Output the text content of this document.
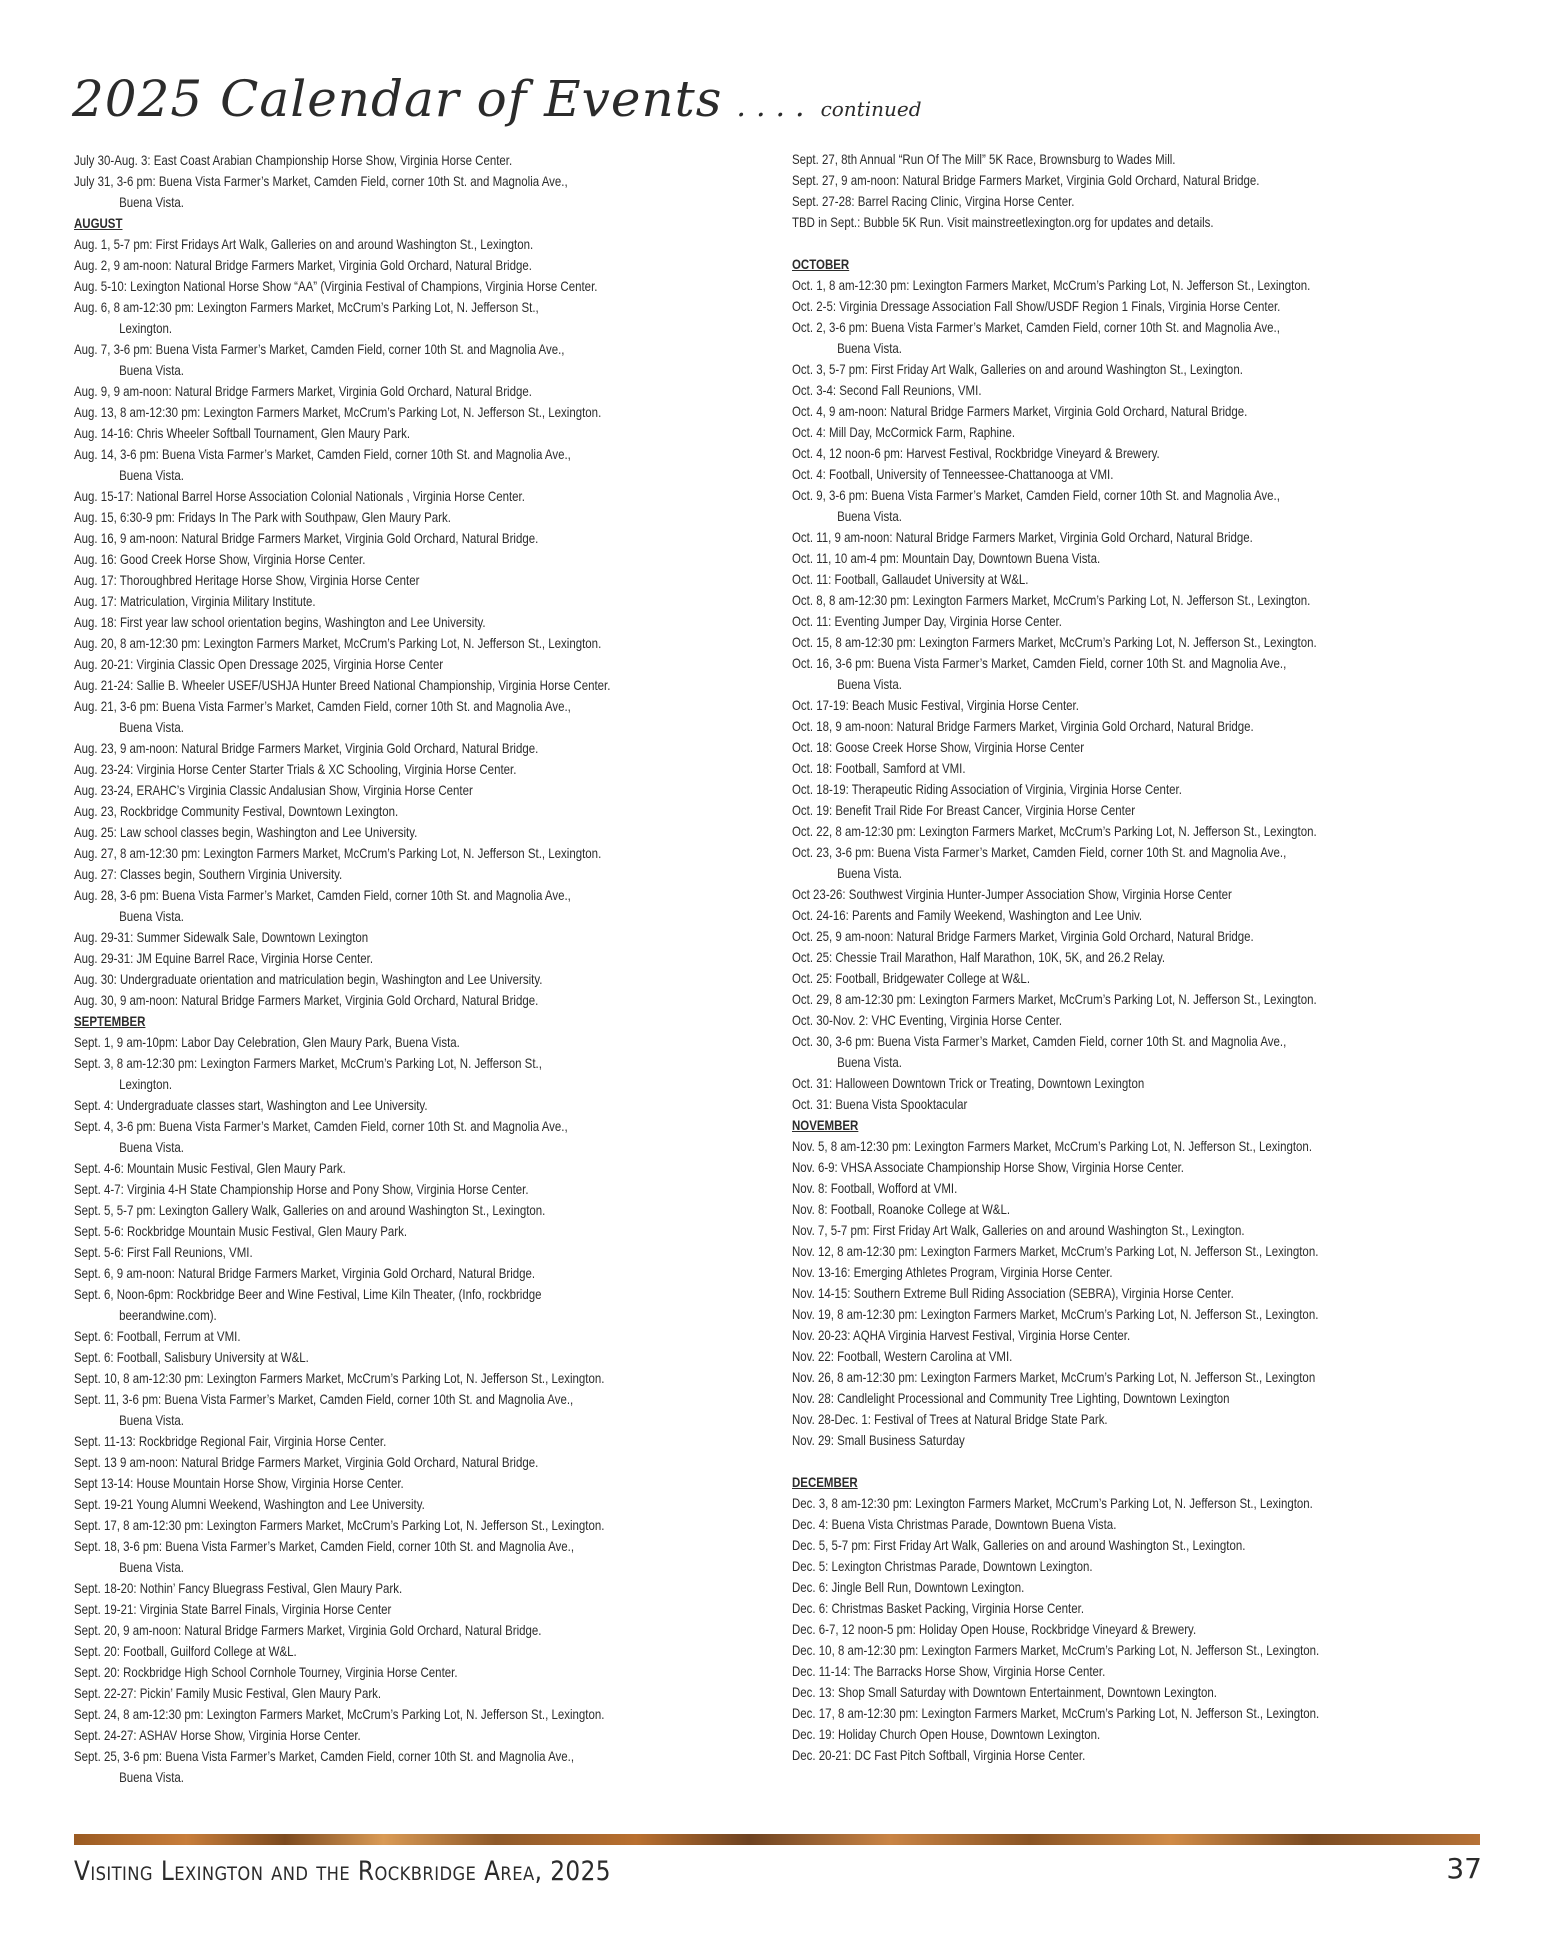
2025 Calendar of Events .... continued
July 30-Aug. 3: East Coast Arabian Championship Horse Show, Virginia Horse Center.
July 31, 3-6 pm: Buena Vista Farmer’s Market, Camden Field, corner 10th St. and Magnolia Ave.,
Buena Vista.
AUGUST
Aug. 1, 5-7 pm: First Fridays Art Walk, Galleries on and around Washington St., Lexington.
Aug. 2, 9 am-noon: Natural Bridge Farmers Market, Virginia Gold Orchard, Natural Bridge.
Aug. 5-10: Lexington National Horse Show “AA” (Virginia Festival of Champions, Virginia Horse Center.
Aug. 6, 8 am-12:30 pm: Lexington Farmers Market, McCrum’s Parking Lot, N. Jefferson St.,
Lexington.
Aug. 7, 3-6 pm: Buena Vista Farmer’s Market, Camden Field, corner 10th St. and Magnolia Ave.,
Buena Vista.
Aug. 9, 9 am-noon: Natural Bridge Farmers Market, Virginia Gold Orchard, Natural Bridge.
Aug. 13, 8 am-12:30 pm: Lexington Farmers Market, McCrum’s Parking Lot, N. Jefferson St., Lexington.
Aug. 14-16: Chris Wheeler Softball Tournament, Glen Maury Park.
Aug. 14, 3-6 pm: Buena Vista Farmer’s Market, Camden Field, corner 10th St. and Magnolia Ave.,
Buena Vista.
Aug. 15-17: National Barrel Horse Association Colonial Nationals , Virginia Horse Center.
Aug. 15, 6:30-9 pm: Fridays In The Park with Southpaw, Glen Maury Park.
Aug. 16, 9 am-noon: Natural Bridge Farmers Market, Virginia Gold Orchard, Natural Bridge.
Aug. 16: Good Creek Horse Show, Virginia Horse Center.
Aug. 17: Thoroughbred Heritage Horse Show, Virginia Horse Center
Aug. 17: Matriculation, Virginia Military Institute.
Aug. 18: First year law school orientation begins, Washington and Lee University.
Aug. 20, 8 am-12:30 pm: Lexington Farmers Market, McCrum’s Parking Lot, N. Jefferson St., Lexington.
Aug. 20-21: Virginia Classic Open Dressage 2025, Virginia Horse Center
Aug. 21-24: Sallie B. Wheeler USEF/USHJA Hunter Breed National Championship, Virginia Horse Center.
Aug. 21, 3-6 pm: Buena Vista Farmer’s Market, Camden Field, corner 10th St. and Magnolia Ave.,
Buena Vista.
Aug. 23, 9 am-noon: Natural Bridge Farmers Market, Virginia Gold Orchard, Natural Bridge.
Aug. 23-24: Virginia Horse Center Starter Trials & XC Schooling, Virginia Horse Center.
Aug. 23-24, ERAHC’s Virginia Classic Andalusian Show, Virginia Horse Center
Aug. 23, Rockbridge Community Festival, Downtown Lexington.
Aug. 25: Law school classes begin, Washington and Lee University.
Aug. 27, 8 am-12:30 pm: Lexington Farmers Market, McCrum’s Parking Lot, N. Jefferson St., Lexington.
Aug. 27: Classes begin, Southern Virginia University.
Aug. 28, 3-6 pm: Buena Vista Farmer’s Market, Camden Field, corner 10th St. and Magnolia Ave.,
Buena Vista.
Aug. 29-31: Summer Sidewalk Sale, Downtown Lexington
Aug. 29-31: JM Equine Barrel Race, Virginia Horse Center.
Aug. 30: Undergraduate orientation and matriculation begin, Washington and Lee University.
Aug. 30, 9 am-noon: Natural Bridge Farmers Market, Virginia Gold Orchard, Natural Bridge.
SEPTEMBER
Sept. 1, 9 am-10pm: Labor Day Celebration, Glen Maury Park, Buena Vista.
Sept. 3, 8 am-12:30 pm: Lexington Farmers Market, McCrum’s Parking Lot, N. Jefferson St.,
Lexington.
Sept. 4: Undergraduate classes start, Washington and Lee University.
Sept. 4, 3-6 pm: Buena Vista Farmer’s Market, Camden Field, corner 10th St. and Magnolia Ave.,
Buena Vista.
Sept. 4-6: Mountain Music Festival, Glen Maury Park.
Sept. 4-7: Virginia 4-H State Championship Horse and Pony Show, Virginia Horse Center.
Sept. 5, 5-7 pm: Lexington Gallery Walk, Galleries on and around Washington St., Lexington.
Sept. 5-6: Rockbridge Mountain Music Festival, Glen Maury Park.
Sept. 5-6: First Fall Reunions, VMI.
Sept. 6, 9 am-noon: Natural Bridge Farmers Market, Virginia Gold Orchard, Natural Bridge.
Sept. 6, Noon-6pm: Rockbridge Beer and Wine Festival, Lime Kiln Theater, (Info, rockbridge
beerandwine.com).
Sept. 6: Football, Ferrum at VMI.
Sept. 6: Football, Salisbury University at W&L.
Sept. 10, 8 am-12:30 pm: Lexington Farmers Market, McCrum’s Parking Lot, N. Jefferson St., Lexington.
Sept. 11, 3-6 pm: Buena Vista Farmer’s Market, Camden Field, corner 10th St. and Magnolia Ave.,
Buena Vista.
Sept. 11-13: Rockbridge Regional Fair, Virginia Horse Center.
Sept. 13 9 am-noon: Natural Bridge Farmers Market, Virginia Gold Orchard, Natural Bridge.
Sept 13-14: House Mountain Horse Show, Virginia Horse Center.
Sept. 19-21 Young Alumni Weekend, Washington and Lee University.
Sept. 17, 8 am-12:30 pm: Lexington Farmers Market, McCrum’s Parking Lot, N. Jefferson St., Lexington.
Sept. 18, 3-6 pm: Buena Vista Farmer’s Market, Camden Field, corner 10th St. and Magnolia Ave.,
Buena Vista.
Sept. 18-20: Nothin’ Fancy Bluegrass Festival, Glen Maury Park.
Sept. 19-21: Virginia State Barrel Finals, Virginia Horse Center
Sept. 20, 9 am-noon: Natural Bridge Farmers Market, Virginia Gold Orchard, Natural Bridge.
Sept. 20: Football, Guilford College at W&L.
Sept. 20: Rockbridge High School Cornhole Tourney, Virginia Horse Center.
Sept. 22-27: Pickin’ Family Music Festival, Glen Maury Park.
Sept. 24, 8 am-12:30 pm: Lexington Farmers Market, McCrum’s Parking Lot, N. Jefferson St., Lexington.
Sept. 24-27: ASHAV Horse Show, Virginia Horse Center.
Sept. 25, 3-6 pm: Buena Vista Farmer’s Market, Camden Field, corner 10th St. and Magnolia Ave.,
Buena Vista.
Sept. 27, 8th Annual “Run Of The Mill” 5K Race, Brownsburg to Wades Mill.
Sept. 27, 9 am-noon: Natural Bridge Farmers Market, Virginia Gold Orchard, Natural Bridge.
Sept. 27-28: Barrel Racing Clinic, Virgina Horse Center.
TBD in Sept.: Bubble 5K Run. Visit mainstreetlexington.org for updates and details.
OCTOBER
Oct. 1, 8 am-12:30 pm: Lexington Farmers Market, McCrum’s Parking Lot, N. Jefferson St., Lexington.
Oct. 2-5: Virginia Dressage Association Fall Show/USDF Region 1 Finals, Virginia Horse Center.
Oct. 2, 3-6 pm: Buena Vista Farmer’s Market, Camden Field, corner 10th St. and Magnolia Ave.,
Buena Vista.
Oct. 3, 5-7 pm: First Friday Art Walk, Galleries on and around Washington St., Lexington.
Oct. 3-4: Second Fall Reunions, VMI.
Oct. 4, 9 am-noon: Natural Bridge Farmers Market, Virginia Gold Orchard, Natural Bridge.
Oct. 4: Mill Day, McCormick Farm, Raphine.
Oct. 4, 12 noon-6 pm: Harvest Festival, Rockbridge Vineyard & Brewery.
Oct. 4: Football, University of Tenneessee-Chattanooga at VMI.
Oct. 9, 3-6 pm: Buena Vista Farmer’s Market, Camden Field, corner 10th St. and Magnolia Ave.,
Buena Vista.
Oct. 11, 9 am-noon: Natural Bridge Farmers Market, Virginia Gold Orchard, Natural Bridge.
Oct. 11, 10 am-4 pm: Mountain Day, Downtown Buena Vista.
Oct. 11: Football, Gallaudet University at W&L.
Oct. 8, 8 am-12:30 pm: Lexington Farmers Market, McCrum’s Parking Lot, N. Jefferson St., Lexington.
Oct. 11: Eventing Jumper Day, Virginia Horse Center.
Oct. 15, 8 am-12:30 pm: Lexington Farmers Market, McCrum’s Parking Lot, N. Jefferson St., Lexington.
Oct. 16, 3-6 pm: Buena Vista Farmer’s Market, Camden Field, corner 10th St. and Magnolia Ave.,
Buena Vista.
Oct. 17-19: Beach Music Festival, Virginia Horse Center.
Oct. 18, 9 am-noon: Natural Bridge Farmers Market, Virginia Gold Orchard, Natural Bridge.
Oct. 18: Goose Creek Horse Show, Virginia Horse Center
Oct. 18: Football, Samford at VMI.
Oct. 18-19: Therapeutic Riding Association of Virginia, Virginia Horse Center.
Oct. 19: Benefit Trail Ride For Breast Cancer, Virginia Horse Center
Oct. 22, 8 am-12:30 pm: Lexington Farmers Market, McCrum’s Parking Lot, N. Jefferson St., Lexington.
Oct. 23, 3-6 pm: Buena Vista Farmer’s Market, Camden Field, corner 10th St. and Magnolia Ave.,
Buena Vista.
Oct 23-26: Southwest Virginia Hunter-Jumper Association Show, Virginia Horse Center
Oct. 24-16: Parents and Family Weekend, Washington and Lee Univ.
Oct. 25, 9 am-noon: Natural Bridge Farmers Market, Virginia Gold Orchard, Natural Bridge.
Oct. 25: Chessie Trail Marathon, Half Marathon, 10K, 5K, and 26.2 Relay.
Oct. 25: Football, Bridgewater College at W&L.
Oct. 29, 8 am-12:30 pm: Lexington Farmers Market, McCrum’s Parking Lot, N. Jefferson St., Lexington.
Oct. 30-Nov. 2: VHC Eventing, Virginia Horse Center.
Oct. 30, 3-6 pm: Buena Vista Farmer’s Market, Camden Field, corner 10th St. and Magnolia Ave.,
Buena Vista.
Oct. 31: Halloween Downtown Trick or Treating, Downtown Lexington
Oct. 31: Buena Vista Spooktacular
NOVEMBER
Nov. 5, 8 am-12:30 pm: Lexington Farmers Market, McCrum’s Parking Lot, N. Jefferson St., Lexington.
Nov. 6-9: VHSA Associate Championship Horse Show, Virginia Horse Center.
Nov. 8: Football, Wofford at VMI.
Nov. 8: Football, Roanoke College at W&L.
Nov. 7, 5-7 pm: First Friday Art Walk, Galleries on and around Washington St., Lexington.
Nov. 12, 8 am-12:30 pm: Lexington Farmers Market, McCrum’s Parking Lot, N. Jefferson St., Lexington.
Nov. 13-16: Emerging Athletes Program, Virginia Horse Center.
Nov. 14-15: Southern Extreme Bull Riding Association (SEBRA), Virginia Horse Center.
Nov. 19, 8 am-12:30 pm: Lexington Farmers Market, McCrum’s Parking Lot, N. Jefferson St., Lexington.
Nov. 20-23: AQHA Virginia Harvest Festival, Virginia Horse Center.
Nov. 22: Football, Western Carolina at VMI.
Nov. 26, 8 am-12:30 pm: Lexington Farmers Market, McCrum’s Parking Lot, N. Jefferson St., Lexington
Nov. 28: Candlelight Processional and Community Tree Lighting, Downtown Lexington
Nov. 28-Dec. 1: Festival of Trees at Natural Bridge State Park.
Nov. 29: Small Business Saturday
DECEMBER
Dec. 3, 8 am-12:30 pm: Lexington Farmers Market, McCrum’s Parking Lot, N. Jefferson St., Lexington.
Dec. 4: Buena Vista Christmas Parade, Downtown Buena Vista.
Dec. 5, 5-7 pm: First Friday Art Walk, Galleries on and around Washington St., Lexington.
Dec. 5: Lexington Christmas Parade, Downtown Lexington.
Dec. 6: Jingle Bell Run, Downtown Lexington.
Dec. 6: Christmas Basket Packing, Virginia Horse Center.
Dec. 6-7, 12 noon-5 pm: Holiday Open House, Rockbridge Vineyard & Brewery.
Dec. 10, 8 am-12:30 pm: Lexington Farmers Market, McCrum’s Parking Lot, N. Jefferson St., Lexington.
Dec. 11-14: The Barracks Horse Show, Virginia Horse Center.
Dec. 13: Shop Small Saturday with Downtown Entertainment, Downtown Lexington.
Dec. 17, 8 am-12:30 pm: Lexington Farmers Market, McCrum’s Parking Lot, N. Jefferson St., Lexington.
Dec. 19: Holiday Church Open House, Downtown Lexington.
Dec. 20-21: DC Fast Pitch Softball, Virginia Horse Center.
Visiting Lexington and the Rockbridge Area, 2025	37
